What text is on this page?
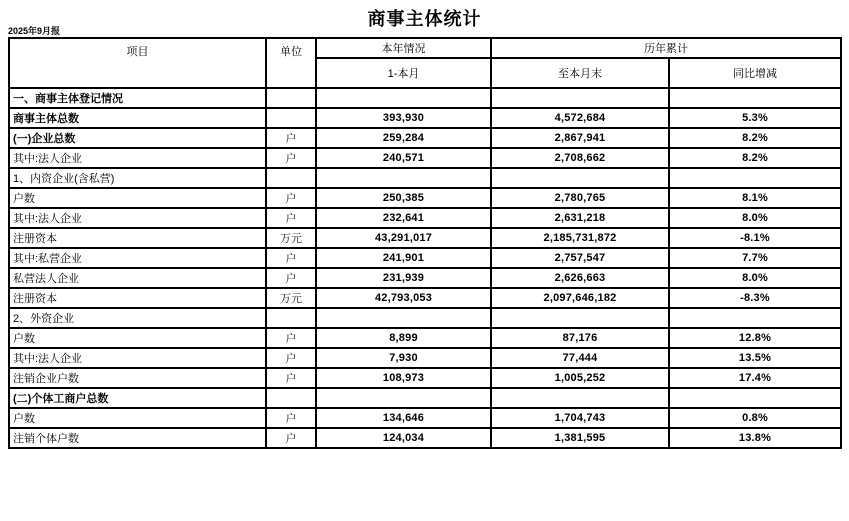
商事主体统计
2025年9月报
项目	单位	本年情况	历年累计	
		1-本月	至本月末	同比增减
一、商事主体登记情况				
商事主体总数		393,930	4,572,684	5.3%
(一)企业总数	户	259,284	2,867,941	8.2%
其中:法人企业	户	240,571	2,708,662	8.2%
1、内资企业(含私营)				
户数	户	250,385	2,780,765	8.1%
其中:法人企业	户	232,641	2,631,218	8.0%
注册资本	万元	43,291,017	2,185,731,872	-8.1%
其中:私营企业	户	241,901	2,757,547	7.7%
私营法人企业	户	231,939	2,626,663	8.0%
注册资本	万元	42,793,053	2,097,646,182	-8.3%
2、外资企业				
户数	户	8,899	87,176	12.8%
其中:法人企业	户	7,930	77,444	13.5%
注销企业户数	户	108,973	1,005,252	17.4%
(二)个体工商户总数				
户数	户	134,646	1,704,743	0.8%
注销个体户数	户	124,034	1,381,595	13.8%
